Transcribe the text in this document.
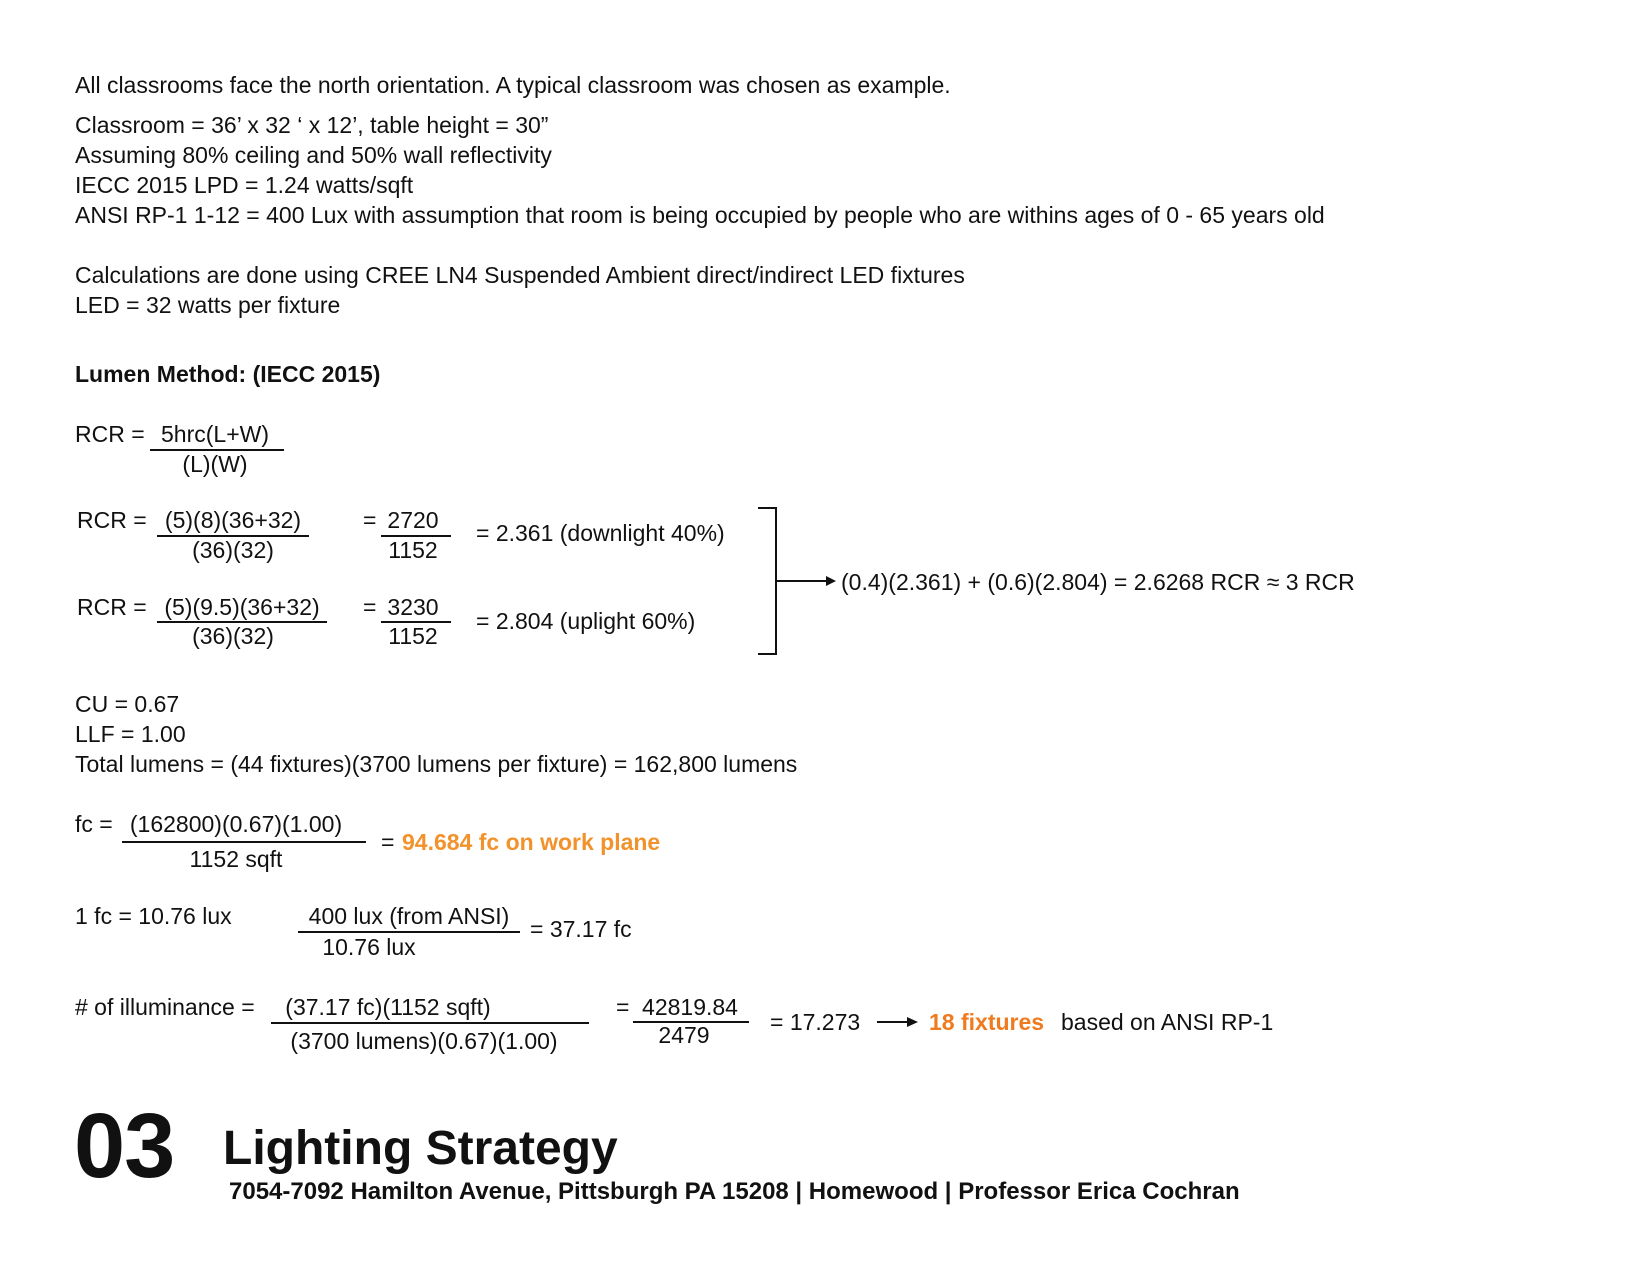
All classrooms face the north orientation. A typical classroom was chosen as example.
Classroom = 36’ x 32 ‘ x 12’, table height = 30”
Assuming 80% ceiling and 50% wall reflectivity
IECC 2015 LPD = 1.24 watts/sqft
ANSI RP-1 1-12 = 400 Lux with assumption that room is being occupied by people who are withins ages of 0 - 65 years old
Calculations are done using CREE LN4 Suspended Ambient direct/indirect LED fixtures
LED = 32 watts per fixture
Lumen Method: (IECC 2015)
RCR = 5hrc(L+W)
(L)(W)
RCR = (5)(8)(36+32)
(36)(32)
= 2720
1152
= 2.361 (downlight 40%)
RCR = (5)(9.5)(36+32)
(36)(32)
= 3230
1152
= 2.804 (uplight 60%)
(0.4)(2.361) + (0.6)(2.804) = 2.6268 RCR ≈ 3 RCR
CU = 0.67
LLF = 1.00
Total lumens = (44 fixtures)(3700 lumens per fixture) = 162,800 lumens
fc = (162800)(0.67)(1.00)
1152 sqft
= 94.684 fc on work plane
1 fc = 10.76 lux	400 lux (from ANSI)
10.76 lux
= 37.17 fc
# of illuminance =	(37.17 fc)(1152 sqft)
(3700 lumens)(0.67)(1.00)
= 42819.84
2479	= 17.273	18 fixtures based on ANSI RP-1
03 Lighting Strategy
7054-7092 Hamilton Avenue, Pittsburgh PA 15208 | Homewood | Professor Erica Cochran
